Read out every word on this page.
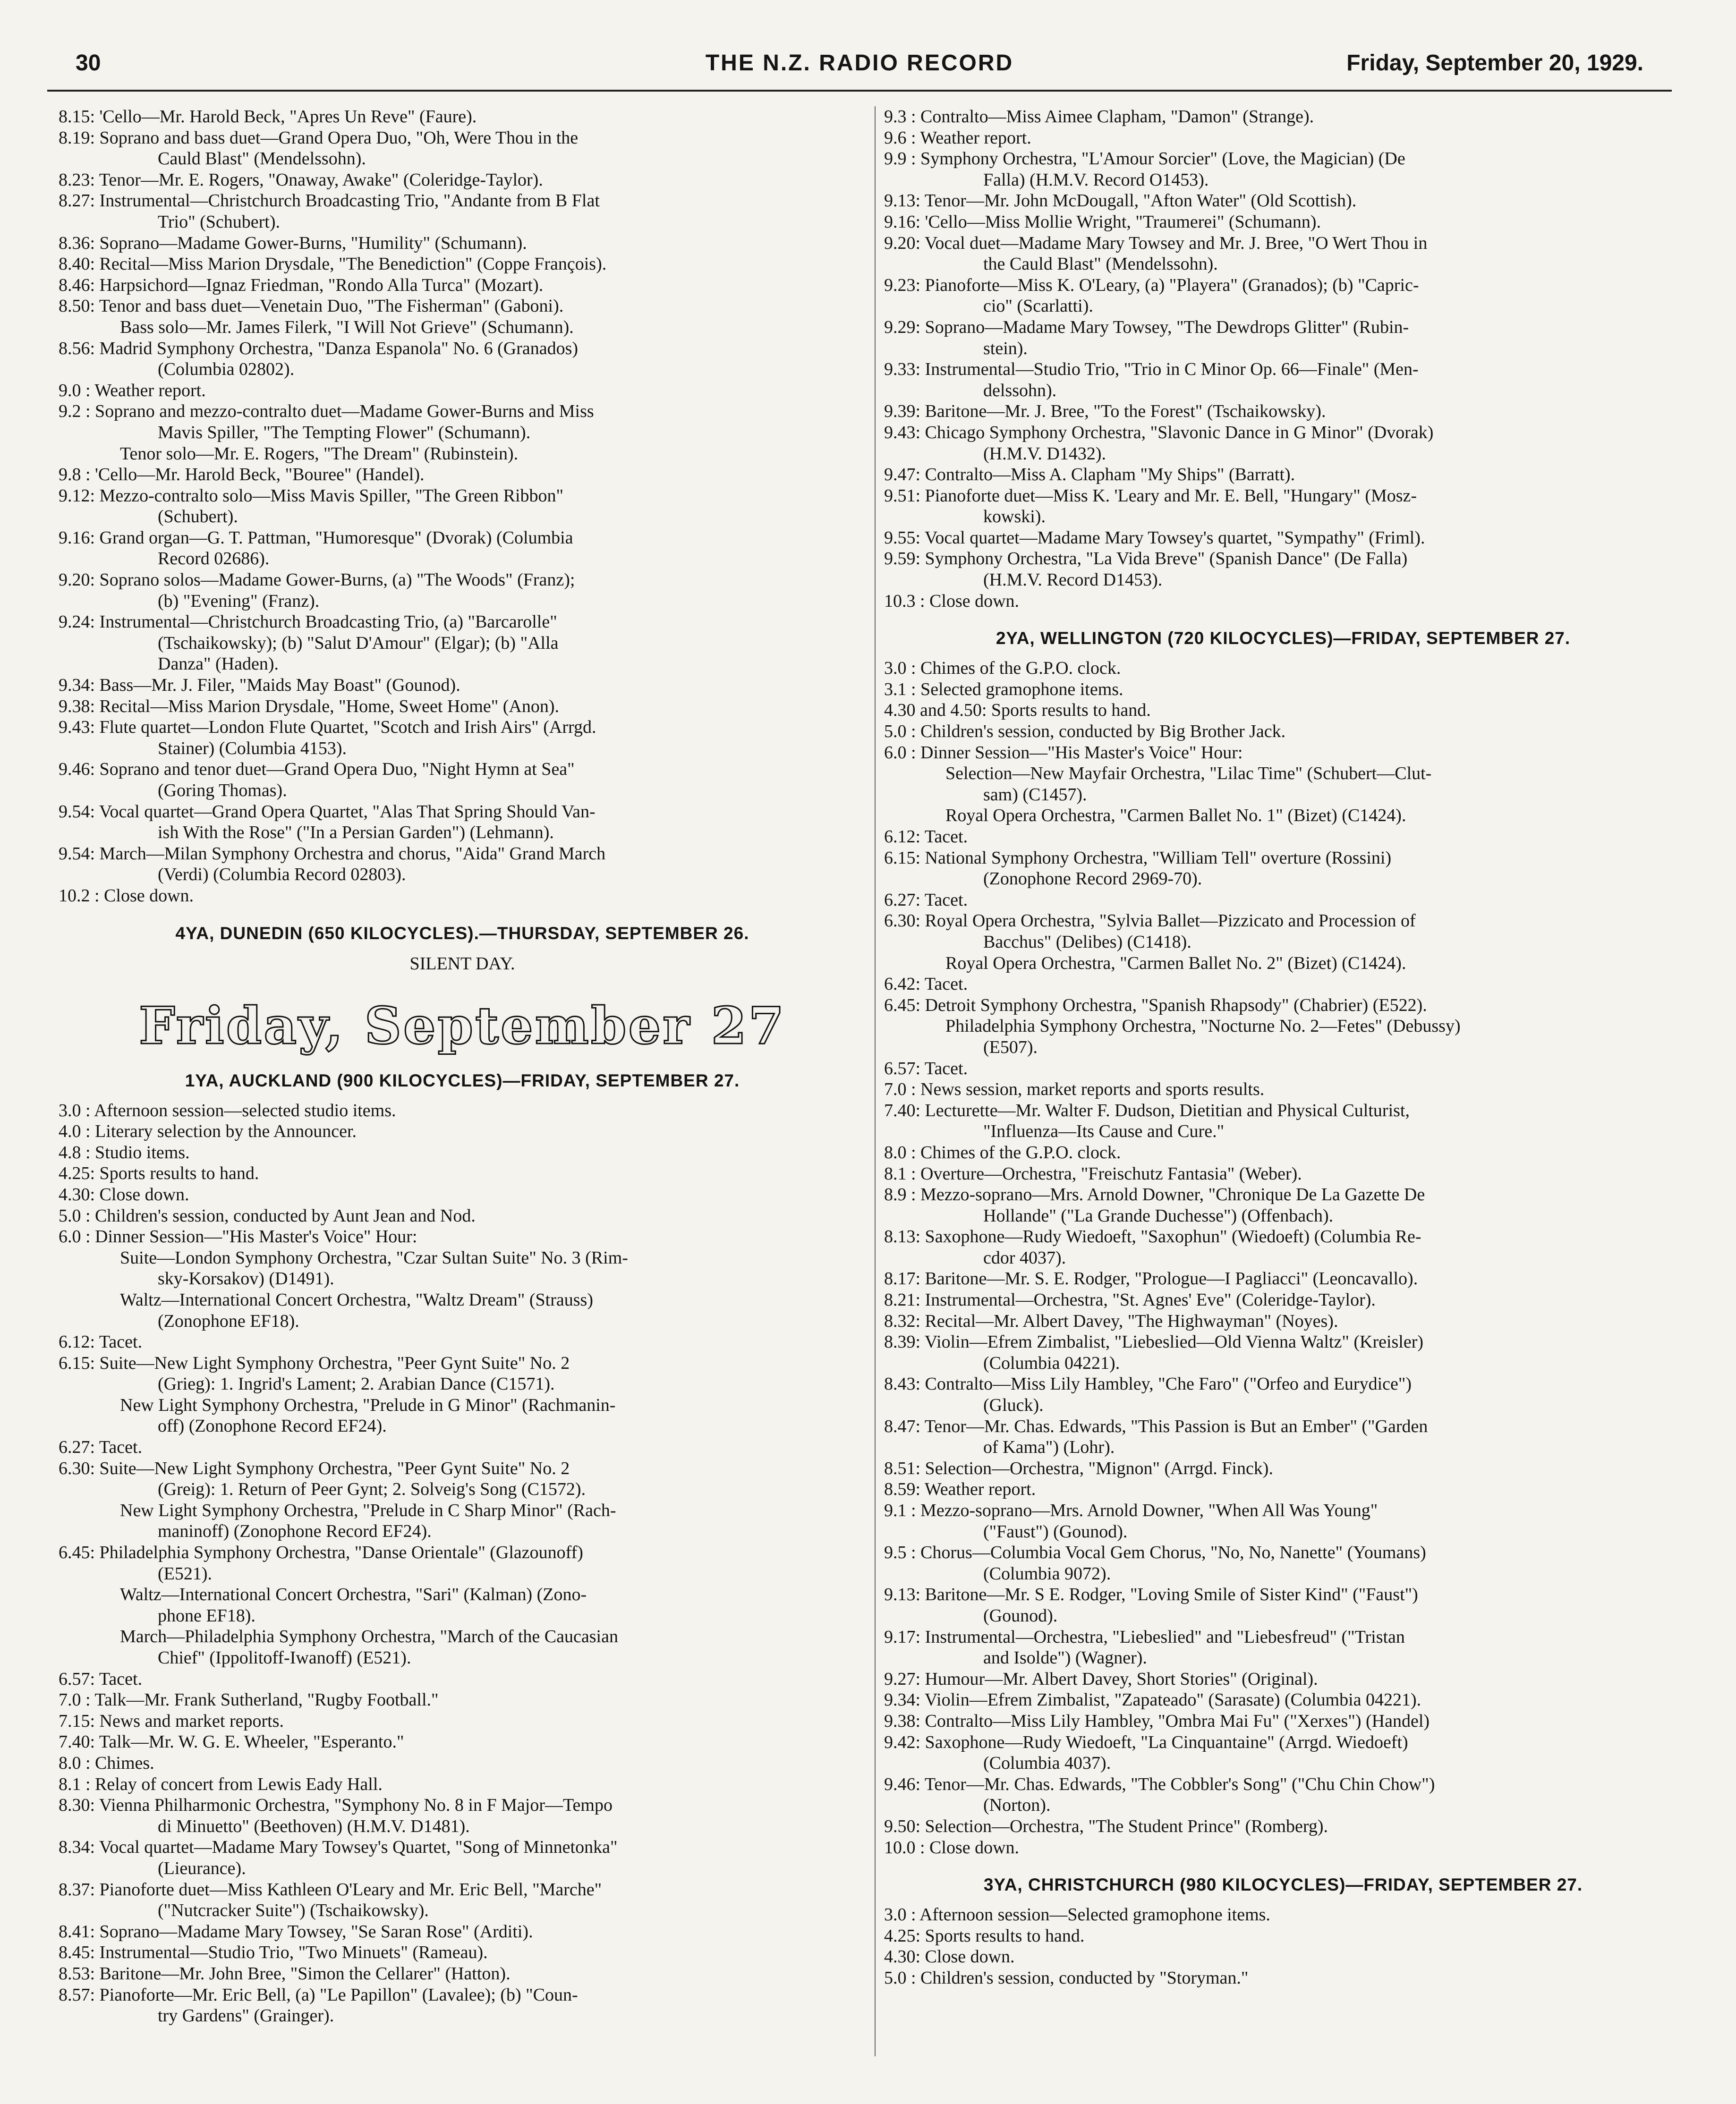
30	THE N.Z. RADIO RECORD	Friday, September 20, 1929.
8.15: 'Cello—Mr. Harold Beck, "Apres Un Reve" (Faure).
8.19: Soprano and bass duet—Grand Opera Duo, "Oh, Were Thou in the
Cauld Blast" (Mendelssohn).
8.23: Tenor—Mr. E. Rogers, "Onaway, Awake" (Coleridge-Taylor).
8.27: Instrumental—Christchurch Broadcasting Trio, "Andante from B Flat
Trio" (Schubert).
8.36: Soprano—Madame Gower-Burns, "Humility" (Schumann).
8.40: Recital—Miss Marion Drysdale, "The Benediction" (Coppe François).
8.46: Harpsichord—Ignaz Friedman, "Rondo Alla Turca" (Mozart).
8.50: Tenor and bass duet—Venetain Duo, "The Fisherman" (Gaboni).
Bass solo—Mr. James Filerk, "I Will Not Grieve" (Schumann).
8.56: Madrid Symphony Orchestra, "Danza Espanola" No. 6 (Granados)
(Columbia 02802).
9.0 : Weather report.
9.2 : Soprano and mezzo-contralto duet—Madame Gower-Burns and Miss
Mavis Spiller, "The Tempting Flower" (Schumann).
Tenor solo—Mr. E. Rogers, "The Dream" (Rubinstein).
9.8 : 'Cello—Mr. Harold Beck, "Bouree" (Handel).
9.12: Mezzo-contralto solo—Miss Mavis Spiller, "The Green Ribbon"
(Schubert).
9.16: Grand organ—G. T. Pattman, "Humoresque" (Dvorak) (Columbia
Record 02686).
9.20: Soprano solos—Madame Gower-Burns, (a) "The Woods" (Franz);
(b) "Evening" (Franz).
9.24: Instrumental—Christchurch Broadcasting Trio, (a) "Barcarolle"
(Tschaikowsky); (b) "Salut D'Amour" (Elgar); (b) "Alla
Danza" (Haden).
9.34: Bass—Mr. J. Filer, "Maids May Boast" (Gounod).
9.38: Recital—Miss Marion Drysdale, "Home, Sweet Home" (Anon).
9.43: Flute quartet—London Flute Quartet, "Scotch and Irish Airs" (Arrgd.
Stainer) (Columbia 4153).
9.46: Soprano and tenor duet—Grand Opera Duo, "Night Hymn at Sea"
(Goring Thomas).
9.54: Vocal quartet—Grand Opera Quartet, "Alas That Spring Should Van-
ish With the Rose" ("In a Persian Garden") (Lehmann).
9.54: March—Milan Symphony Orchestra and chorus, "Aida" Grand March
(Verdi) (Columbia Record 02803).
10.2 : Close down.
4YA, DUNEDIN (650 KILOCYCLES).—THURSDAY, SEPTEMBER 26.
SILENT DAY.
Friday, September 27
1YA, AUCKLAND (900 KILOCYCLES)—FRIDAY, SEPTEMBER 27.
3.0 : Afternoon session—selected studio items.
4.0 : Literary selection by the Announcer.
4.8 : Studio items.
4.25: Sports results to hand.
4.30: Close down.
5.0 : Children's session, conducted by Aunt Jean and Nod.
6.0 : Dinner Session—"His Master's Voice" Hour:
Suite—London Symphony Orchestra, "Czar Sultan Suite" No. 3 (Rim-
sky-Korsakov) (D1491).
Waltz—International Concert Orchestra, "Waltz Dream" (Strauss)
(Zonophone EF18).
6.12: Tacet.
6.15: Suite—New Light Symphony Orchestra, "Peer Gynt Suite" No. 2
(Grieg): 1. Ingrid's Lament; 2. Arabian Dance (C1571).
New Light Symphony Orchestra, "Prelude in G Minor" (Rachmanin-
off) (Zonophone Record EF24).
6.27: Tacet.
6.30: Suite—New Light Symphony Orchestra, "Peer Gynt Suite" No. 2
(Greig): 1. Return of Peer Gynt; 2. Solveig's Song (C1572).
New Light Symphony Orchestra, "Prelude in C Sharp Minor" (Rach-
maninoff) (Zonophone Record EF24).
6.45: Philadelphia Symphony Orchestra, "Danse Orientale" (Glazounoff)
(E521).
Waltz—International Concert Orchestra, "Sari" (Kalman) (Zono-
phone EF18).
March—Philadelphia Symphony Orchestra, "March of the Caucasian
Chief" (Ippolitoff-Iwanoff) (E521).
6.57: Tacet.
7.0 : Talk—Mr. Frank Sutherland, "Rugby Football."
7.15: News and market reports.
7.40: Talk—Mr. W. G. E. Wheeler, "Esperanto."
8.0 : Chimes.
8.1 : Relay of concert from Lewis Eady Hall.
8.30: Vienna Philharmonic Orchestra, "Symphony No. 8 in F Major—Tempo
di Minuetto" (Beethoven) (H.M.V. D1481).
8.34: Vocal quartet—Madame Mary Towsey's Quartet, "Song of Minnetonka"
(Lieurance).
8.37: Pianoforte duet—Miss Kathleen O'Leary and Mr. Eric Bell, "Marche"
("Nutcracker Suite") (Tschaikowsky).
8.41: Soprano—Madame Mary Towsey, "Se Saran Rose" (Arditi).
8.45: Instrumental—Studio Trio, "Two Minuets" (Rameau).
8.53: Baritone—Mr. John Bree, "Simon the Cellarer" (Hatton).
8.57: Pianoforte—Mr. Eric Bell, (a) "Le Papillon" (Lavalee); (b) "Coun-
try Gardens" (Grainger).
9.3 : Contralto—Miss Aimee Clapham, "Damon" (Strange).
9.6 : Weather report.
9.9 : Symphony Orchestra, "L'Amour Sorcier" (Love, the Magician) (De
Falla) (H.M.V. Record O1453).
9.13: Tenor—Mr. John McDougall, "Afton Water" (Old Scottish).
9.16: 'Cello—Miss Mollie Wright, "Traumerei" (Schumann).
9.20: Vocal duet—Madame Mary Towsey and Mr. J. Bree, "O Wert Thou in
the Cauld Blast" (Mendelssohn).
9.23: Pianoforte—Miss K. O'Leary, (a) "Playera" (Granados); (b) "Capric-
cio" (Scarlatti).
9.29: Soprano—Madame Mary Towsey, "The Dewdrops Glitter" (Rubin-
stein).
9.33: Instrumental—Studio Trio, "Trio in C Minor Op. 66—Finale" (Men-
delssohn).
9.39: Baritone—Mr. J. Bree, "To the Forest" (Tschaikowsky).
9.43: Chicago Symphony Orchestra, "Slavonic Dance in G Minor" (Dvorak)
(H.M.V. D1432).
9.47: Contralto—Miss A. Clapham "My Ships" (Barratt).
9.51: Pianoforte duet—Miss K. 'Leary and Mr. E. Bell, "Hungary" (Mosz-
kowski).
9.55: Vocal quartet—Madame Mary Towsey's quartet, "Sympathy" (Friml).
9.59: Symphony Orchestra, "La Vida Breve" (Spanish Dance" (De Falla)
(H.M.V. Record D1453).
10.3 : Close down.
2YA, WELLINGTON (720 KILOCYCLES)—FRIDAY, SEPTEMBER 27.
3.0 : Chimes of the G.P.O. clock.
3.1 : Selected gramophone items.
4.30 and 4.50: Sports results to hand.
5.0 : Children's session, conducted by Big Brother Jack.
6.0 : Dinner Session—"His Master's Voice" Hour:
Selection—New Mayfair Orchestra, "Lilac Time" (Schubert—Clut-
sam) (C1457).
Royal Opera Orchestra, "Carmen Ballet No. 1" (Bizet) (C1424).
6.12: Tacet.
6.15: National Symphony Orchestra, "William Tell" overture (Rossini)
(Zonophone Record 2969-70).
6.27: Tacet.
6.30: Royal Opera Orchestra, "Sylvia Ballet—Pizzicato and Procession of
Bacchus" (Delibes) (C1418).
Royal Opera Orchestra, "Carmen Ballet No. 2" (Bizet) (C1424).
6.42: Tacet.
6.45: Detroit Symphony Orchestra, "Spanish Rhapsody" (Chabrier) (E522).
Philadelphia Symphony Orchestra, "Nocturne No. 2—Fetes" (Debussy)
(E507).
6.57: Tacet.
7.0 : News session, market reports and sports results.
7.40: Lecturette—Mr. Walter F. Dudson, Dietitian and Physical Culturist,
"Influenza—Its Cause and Cure."
8.0 : Chimes of the G.P.O. clock.
8.1 : Overture—Orchestra, "Freischutz Fantasia" (Weber).
8.9 : Mezzo-soprano—Mrs. Arnold Downer, "Chronique De La Gazette De
Hollande" ("La Grande Duchesse") (Offenbach).
8.13: Saxophone—Rudy Wiedoeft, "Saxophun" (Wiedoeft) (Columbia Re-
cdor 4037).
8.17: Baritone—Mr. S. E. Rodger, "Prologue—I Pagliacci" (Leoncavallo).
8.21: Instrumental—Orchestra, "St. Agnes' Eve" (Coleridge-Taylor).
8.32: Recital—Mr. Albert Davey, "The Highwayman" (Noyes).
8.39: Violin—Efrem Zimbalist, "Liebeslied—Old Vienna Waltz" (Kreisler)
(Columbia 04221).
8.43: Contralto—Miss Lily Hambley, "Che Faro" ("Orfeo and Eurydice")
(Gluck).
8.47: Tenor—Mr. Chas. Edwards, "This Passion is But an Ember" ("Garden
of Kama") (Lohr).
8.51: Selection—Orchestra, "Mignon" (Arrgd. Finck).
8.59: Weather report.
9.1 : Mezzo-soprano—Mrs. Arnold Downer, "When All Was Young"
("Faust") (Gounod).
9.5 : Chorus—Columbia Vocal Gem Chorus, "No, No, Nanette" (Youmans)
(Columbia 9072).
9.13: Baritone—Mr. S E. Rodger, "Loving Smile of Sister Kind" ("Faust")
(Gounod).
9.17: Instrumental—Orchestra, "Liebeslied" and "Liebesfreud" ("Tristan
and Isolde") (Wagner).
9.27: Humour—Mr. Albert Davey, Short Stories" (Original).
9.34: Violin—Efrem Zimbalist, "Zapateado" (Sarasate) (Columbia 04221).
9.38: Contralto—Miss Lily Hambley, "Ombra Mai Fu" ("Xerxes") (Handel)
9.42: Saxophone—Rudy Wiedoeft, "La Cinquantaine" (Arrgd. Wiedoeft)
(Columbia 4037).
9.46: Tenor—Mr. Chas. Edwards, "The Cobbler's Song" ("Chu Chin Chow")
(Norton).
9.50: Selection—Orchestra, "The Student Prince" (Romberg).
10.0 : Close down.
3YA, CHRISTCHURCH (980 KILOCYCLES)—FRIDAY, SEPTEMBER 27.
3.0 : Afternoon session—Selected gramophone items.
4.25: Sports results to hand.
4.30: Close down.
5.0 : Children's session, conducted by "Storyman."
